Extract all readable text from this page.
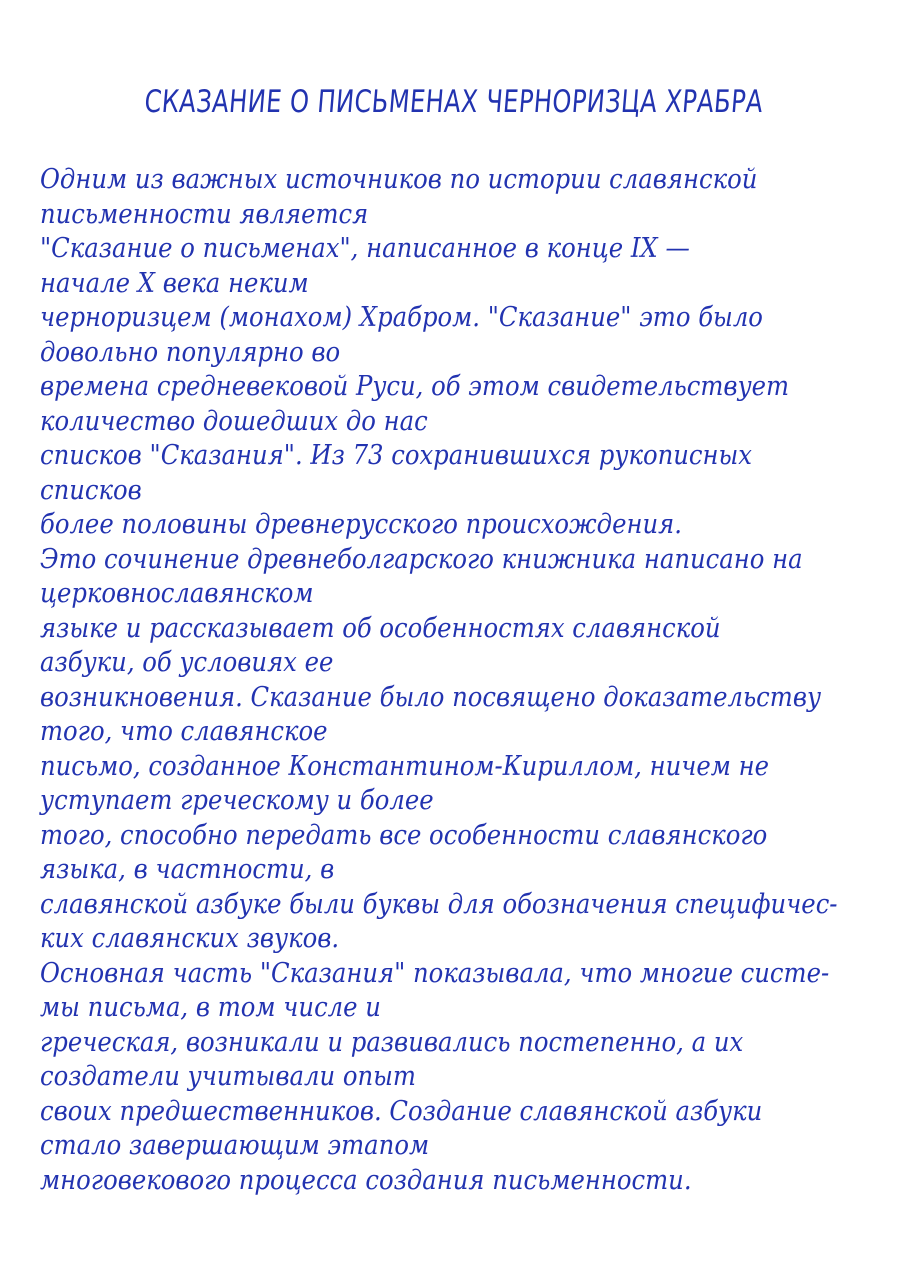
СКАЗАНИЕ О ПИСЬМЕНАХ ЧЕРНОРИЗЦА ХРАБРА
Одним из важных источников по истории славянской
письменности является
"Сказание о письменах", написанное в конце IX —
начале X века неким
черноризцем (монахом) Храбром. "Сказание" это было
довольно популярно во
времена средневековой Руси, об этом свидетельствует
количество дошедших до нас
списков "Сказания". Из 73 сохранившихся рукописных
списков
более половины древнерусского происхождения.
Это сочинение древнеболгарского книжника написано на
церковнославянском
языке и рассказывает об особенностях славянской
азбуки, об условиях ее
возникновения. Сказание было посвящено доказательству
того, что славянское
письмо, созданное Константином-Кириллом, ничем не
уступает греческому и более
того, способно передать все особенности славянского
языка, в частности, в
славянской азбуке были буквы для обозначения специфичес-
ких славянских звуков.
Основная часть "Сказания" показывала, что многие систе-
мы письма, в том числе и
греческая, возникали и развивались постепенно, а их
создатели учитывали опыт
своих предшественников. Создание славянской азбуки
стало завершающим этапом
многовекового процесса создания письменности.
